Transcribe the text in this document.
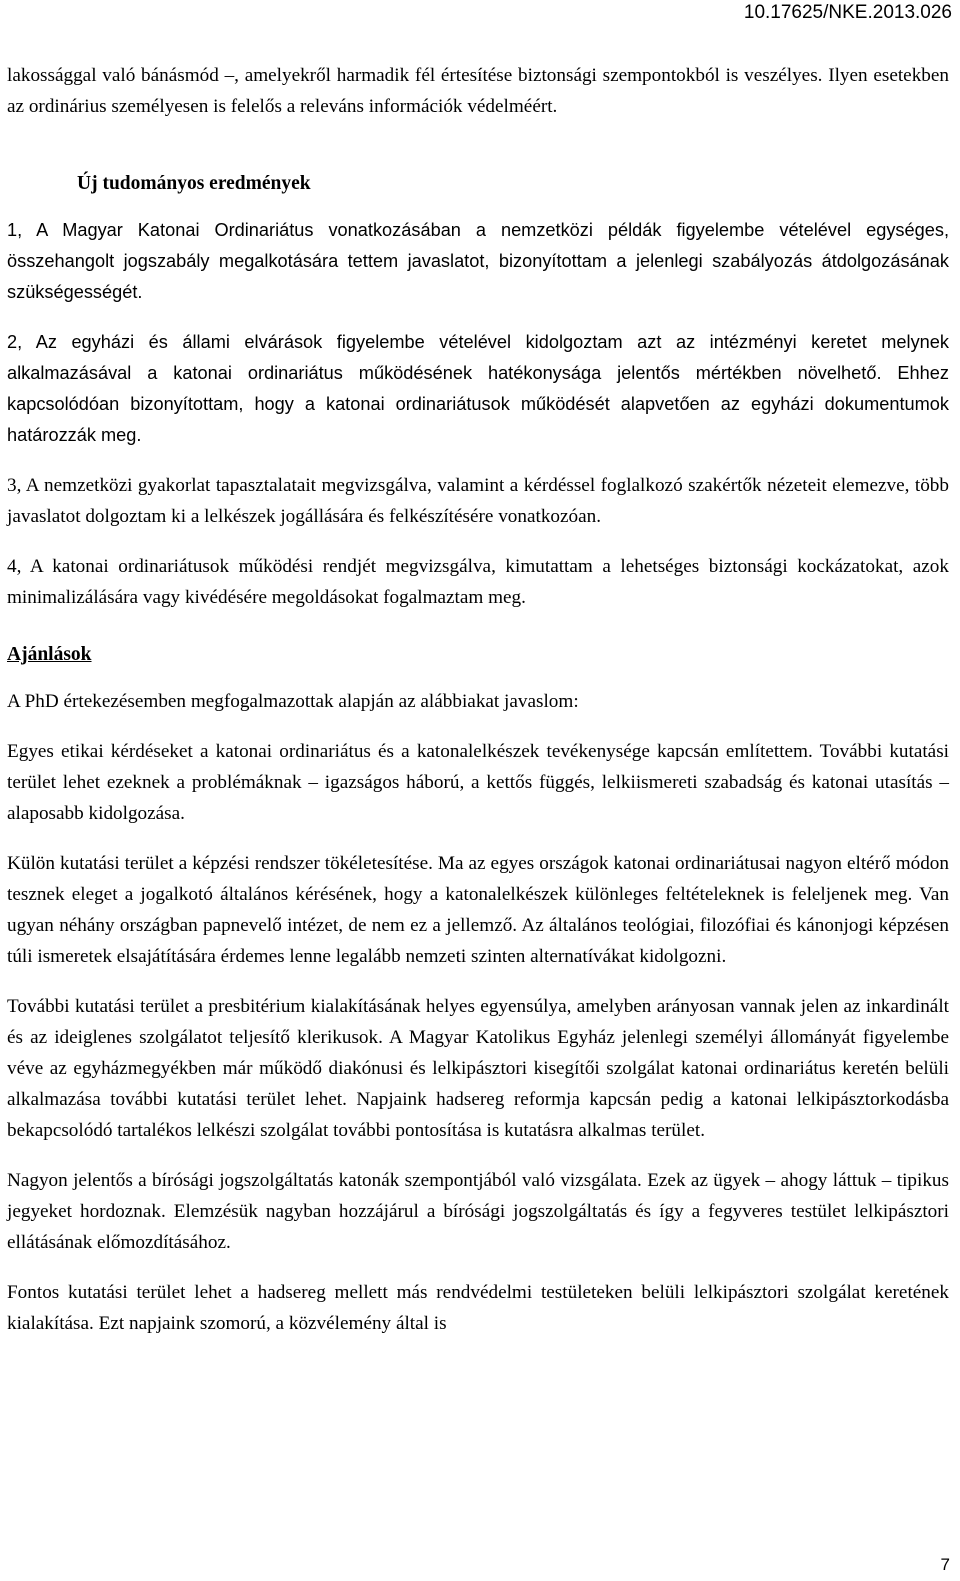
10.17625/NKE.2013.026

lakossággal való bánásmód –, amelyekről harmadik fél értesítése biztonsági szempontokból is veszélyes. Ilyen esetekben az ordinárius személyesen is felelős a releváns információk védelméért.

Új tudományos eredmények

1, A Magyar Katonai Ordinariátus vonatkozásában a nemzetközi példák figyelembe vételével egységes, összehangolt jogszabály megalkotására tettem javaslatot, bizonyítottam a jelenlegi szabályozás átdolgozásának szükségességét.

2, Az egyházi és állami elvárások figyelembe vételével kidolgoztam azt az intézményi keretet melynek alkalmazásával a katonai ordinariátus működésének hatékonysága jelentős mértékben növelhető. Ehhez kapcsolódóan bizonyítottam, hogy a katonai ordinariátusok működését alapvetően az egyházi dokumentumok határozzák meg.

3, A nemzetközi gyakorlat tapasztalatait megvizsgálva, valamint a kérdéssel foglalkozó szakértők nézeteit elemezve, több javaslatot dolgoztam ki a lelkészek jogállására és felkészítésére vonatkozóan.

4, A katonai ordinariátusok működési rendjét megvizsgálva, kimutattam a lehetséges biztonsági kockázatokat, azok minimalizálására vagy kivédésére megoldásokat fogalmaztam meg.

Ajánlások

A PhD értekezésemben megfogalmazottak alapján az alábbiakat javaslom:

Egyes etikai kérdéseket a katonai ordinariátus és a katonalelkészek tevékenysége kapcsán említettem. További kutatási terület lehet ezeknek a problémáknak – igazságos háború, a kettős függés, lelkiismereti szabadság és katonai utasítás – alaposabb kidolgozása.

Külön kutatási terület a képzési rendszer tökéletesítése. Ma az egyes országok katonai ordinariátusai nagyon eltérő módon tesznek eleget a jogalkotó általános kérésének, hogy a katonalelkészek különleges feltételeknek is feleljenek meg. Van ugyan néhány országban papnevelő intézet, de nem ez a jellemző. Az általános teológiai, filozófiai és kánonjogi képzésen túli ismeretek elsajátítására érdemes lenne legalább nemzeti szinten alternatívákat kidolgozni.

További kutatási terület a presbitérium kialakításának helyes egyensúlya, amelyben arányosan vannak jelen az inkardinált és az ideiglenes szolgálatot teljesítő klerikusok. A Magyar Katolikus Egyház jelenlegi személyi állományát figyelembe véve az egyházmegyékben már működő diakónusi és lelkipásztori kisegítői szolgálat katonai ordinariátus keretén belüli alkalmazása további kutatási terület lehet. Napjaink hadsereg reformja kapcsán pedig a katonai lelkipásztorkodásba bekapcsolódó tartalékos lelkészi szolgálat további pontosítása is kutatásra alkalmas terület.

Nagyon jelentős a bírósági jogszolgáltatás katonák szempontjából való vizsgálata. Ezek az ügyek – ahogy láttuk – tipikus jegyeket hordoznak. Elemzésük nagyban hozzájárul a bírósági jogszolgáltatás és így a fegyveres testület lelkipásztori ellátásának előmozdításához.

Fontos kutatási terület lehet a hadsereg mellett más rendvédelmi testületeken belüli lelkipásztori szolgálat keretének kialakítása. Ezt napjaink szomorú, a közvélemény által is

7
